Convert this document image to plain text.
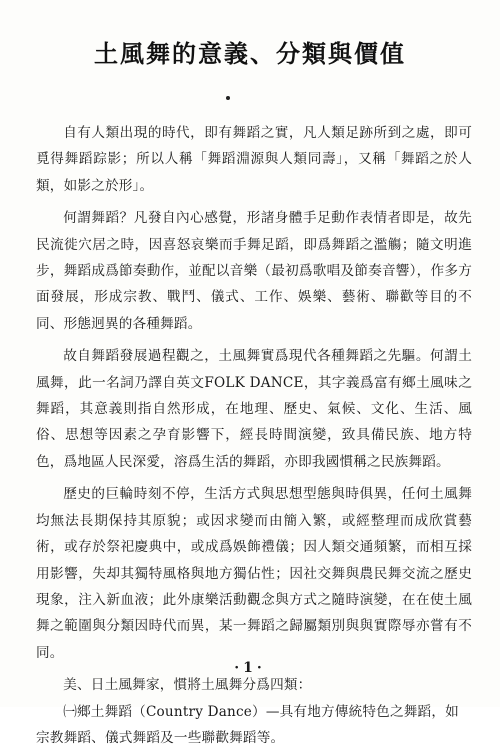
土風舞的意義、分類與價值

自有人類出現的時代，即有舞蹈之實，凡人類足跡所到之處，即可覓得舞蹈踪影；所以人稱「舞蹈淵源與人類同壽」，又稱「舞蹈之於人類，如影之於形」。

何謂舞蹈？凡發自內心感覺，形諸身體手足動作表情者即是，故先民流徙穴居之時，因喜怒哀樂而手舞足蹈，即爲舞蹈之濫觴；隨文明進步，舞蹈成爲節奏動作，並配以音樂（最初爲歌唱及節奏音響），作多方面發展，形成宗教、戰鬥、儀式、工作、娛樂、藝術、聯歡等目的不同、形態迥異的各種舞蹈。

故自舞蹈發展過程觀之，土風舞實爲現代各種舞蹈之先驅。何謂土風舞，此一名詞乃譯自英文FOLK DANCE，其字義爲富有鄉土風味之舞蹈，其意義則指自然形成，在地理、歷史、氣候、文化、生活、風俗、思想等因素之孕育影響下，經長時間演變，致具備民族、地方特色，爲地區人民深愛，溶爲生活的舞蹈，亦即我國慣稱之民族舞蹈。

歷史的巨輪時刻不停，生活方式與思想型態與時俱異，任何土風舞均無法長期保持其原貌；或因求變而由簡入繁，或經整理而成欣賞藝術，或存於祭祀慶典中，或成爲娛飾禮儀；因人類交通頻繁，而相互採用影響，失却其獨特風格與地方獨佔性；因社交舞與農民舞交流之歷史現象，注入新血液；此外康樂活動觀念與方式之隨時演變，在在使土風舞之範圍與分類因時代而異，某一舞蹈之歸屬類別與與實際辱亦嘗有不同。

美、日土風舞家，慣將土風舞分爲四類：

㈠鄉土舞蹈（Country Dance）—具有地方傳統特色之舞蹈，如

宗教舞蹈、儀式舞蹈及一些聯歡舞蹈等。

·1·
